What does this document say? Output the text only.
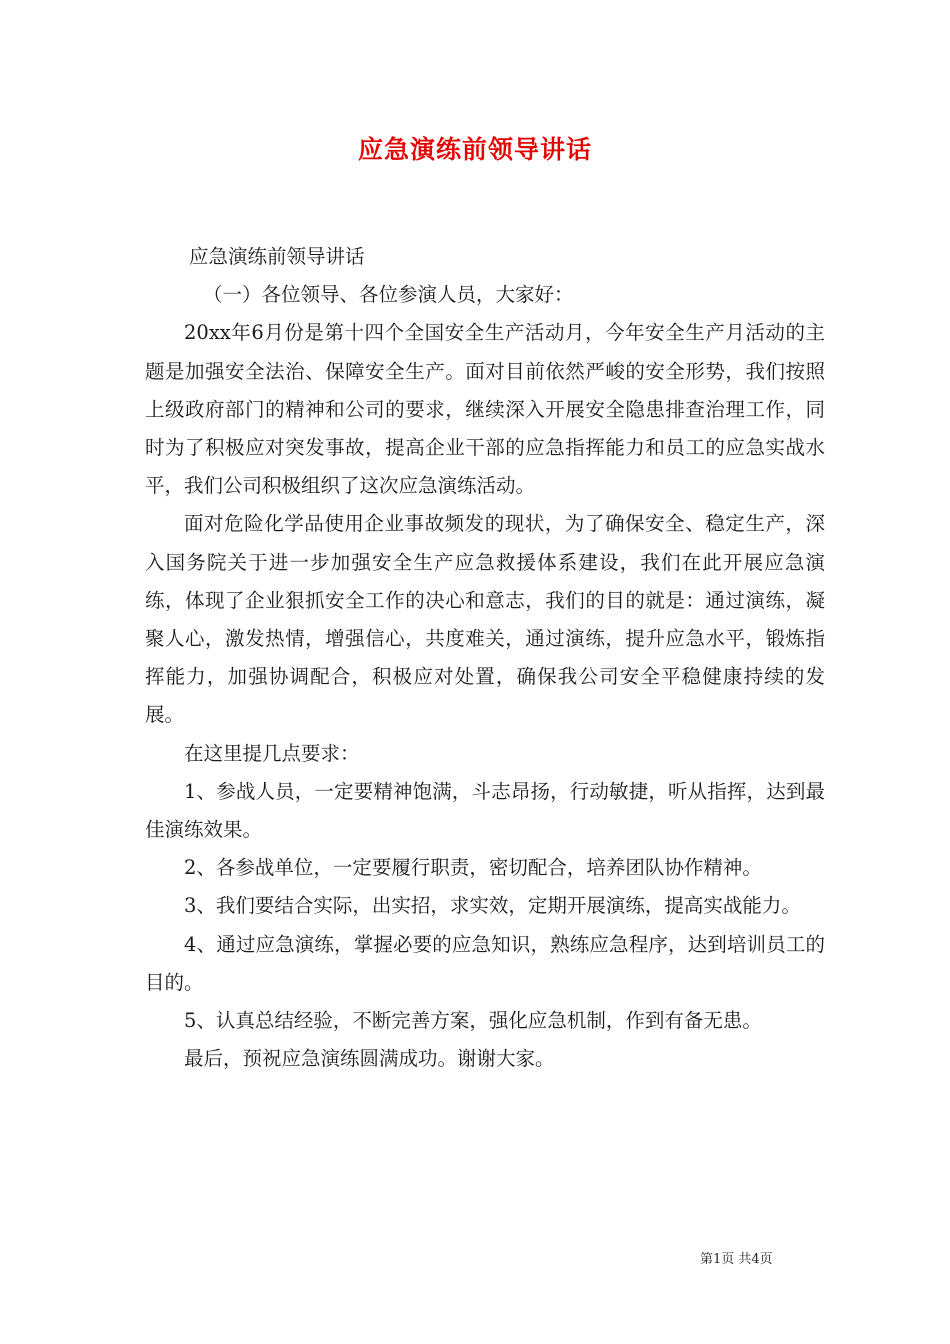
应急演练前领导讲话

应急演练前领导讲话

（一）各位领导、各位参演人员，大家好：

20xx年6月份是第十四个全国安全生产活动月，今年安全生产月活动的主题是加强安全法治、保障安全生产。面对目前依然严峻的安全形势，我们按照上级政府部门的精神和公司的要求，继续深入开展安全隐患排查治理工作，同时为了积极应对突发事故，提高企业干部的应急指挥能力和员工的应急实战水平，我们公司积极组织了这次应急演练活动。

面对危险化学品使用企业事故频发的现状，为了确保安全、稳定生产，深入国务院关于进一步加强安全生产应急救援体系建设，我们在此开展应急演练，体现了企业狠抓安全工作的决心和意志，我们的目的就是：通过演练，凝聚人心，激发热情，增强信心，共度难关，通过演练，提升应急水平，锻炼指挥能力，加强协调配合，积极应对处置，确保我公司安全平稳健康持续的发展。

在这里提几点要求：

1、参战人员，一定要精神饱满，斗志昂扬，行动敏捷，听从指挥，达到最佳演练效果。

2、各参战单位，一定要履行职责，密切配合，培养团队协作精神。

3、我们要结合实际，出实招，求实效，定期开展演练，提高实战能力。

4、通过应急演练，掌握必要的应急知识，熟练应急程序，达到培训员工的目的。

5、认真总结经验，不断完善方案，强化应急机制，作到有备无患。

最后，预祝应急演练圆满成功。谢谢大家。

第1页 共4页
